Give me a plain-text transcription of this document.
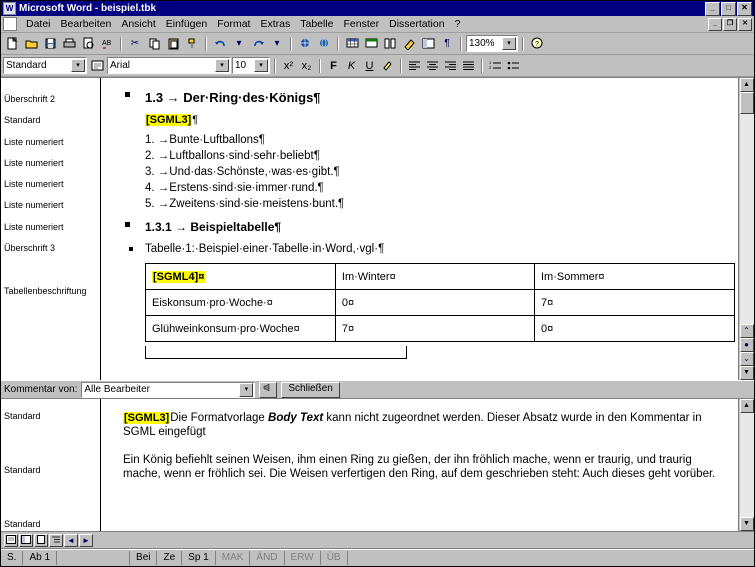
W Microsoft Word - beispiel.tbk	_	□	✕
Datei Bearbeiten Ansicht Einfügen Format Extras Tabelle Fenster Dissertation ?	_	❐	✕
AB	✂	▾	▾	¶	130%	▾	?
Standard	▾	Arial	▾	10	▾	x² x₂	F K U	1
2
Überschrift 2
Standard
Liste numeriert
Liste numeriert
Liste numeriert
Liste numeriert
Liste numeriert
Überschrift 3
Tabellenbeschriftung
1.3 → Der·Ring·des·Königs¶
[SGML3]¶
1. →Bunte·Luftballons¶
2. →Luftballons·sind·sehr·beliebt¶
3. →Und·das·Schönste,·was·es·gibt.¶
4. →Erstens·sind·sie·immer·rund.¶
5. →Zweitens·sind·sie·meistens·bunt.¶
1.3.1 → Beispieltabelle¶
Tabelle·1:·Beispiel·einer·Tabelle·in·Word,·vgl·¶
[SGML4]¤	Im·Winter¤	Im·Sommer¤
Eiskonsum·pro·Woche·¤	0¤	7¤
Glühweinkonsum·pro·Woche¤	7¤	0¤
▲
⌃
●
⌄
▼
Kommentar von: Alle Bearbeiter	▾	Schließen
Standard
Standard
Standard

[SGML3]Die Formatvorlage Body Text kann nicht zugeordnet werden. Dieser Absatz wurde in den Kommentar in SGML eingefügt

Ein König befiehlt seinen Weisen, ihm einen Ring zu gießen, der ihn fröhlich mache, wenn er traurig, und traurig mache, wenn er fröhlich sei. Die Weisen verfertigen den Ring, auf dem geschrieben steht: Auch dieses geht vorüber.

▲
▼
◄ ►
S.	Ab 1	Bei	Ze	Sp 1	MAK	ÄND	ERW	ÜB
